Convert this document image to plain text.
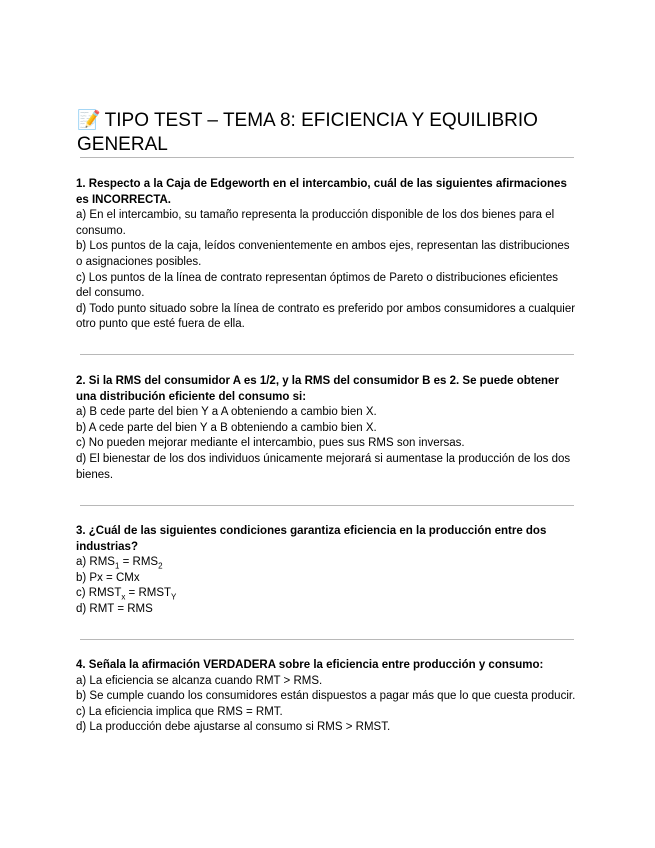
📝 TIPO TEST – TEMA 8: EFICIENCIA Y EQUILIBRIO GENERAL
1. Respecto a la Caja de Edgeworth en el intercambio, cuál de las siguientes afirmaciones es INCORRECTA.
a) En el intercambio, su tamaño representa la producción disponible de los dos bienes para el consumo.
b) Los puntos de la caja, leídos convenientemente en ambos ejes, representan las distribuciones o asignaciones posibles.
c) Los puntos de la línea de contrato representan óptimos de Pareto o distribuciones eficientes del consumo.
d) Todo punto situado sobre la línea de contrato es preferido por ambos consumidores a cualquier otro punto que esté fuera de ella.
2. Si la RMS del consumidor A es 1/2, y la RMS del consumidor B es 2. Se puede obtener una distribución eficiente del consumo si:
a) B cede parte del bien Y a A obteniendo a cambio bien X.
b) A cede parte del bien Y a B obteniendo a cambio bien X.
c) No pueden mejorar mediante el intercambio, pues sus RMS son inversas.
d) El bienestar de los dos individuos únicamente mejorará si aumentase la producción de los dos bienes.
3. ¿Cuál de las siguientes condiciones garantiza eficiencia en la producción entre dos industrias?
a) $RMS_1 = RMS_2$
b) Px = CMx
c) $RMST_x$ = $RMST_Y$
d) RMT = RMS
4. Señala la afirmación VERDADERA sobre la eficiencia entre producción y consumo:
a) La eficiencia se alcanza cuando RMT > RMS.
b) Se cumple cuando los consumidores están dispuestos a pagar más que lo que cuesta producir.
c) La eficiencia implica que RMS = RMT.
d) La producción debe ajustarse al consumo si RMS > RMST.
